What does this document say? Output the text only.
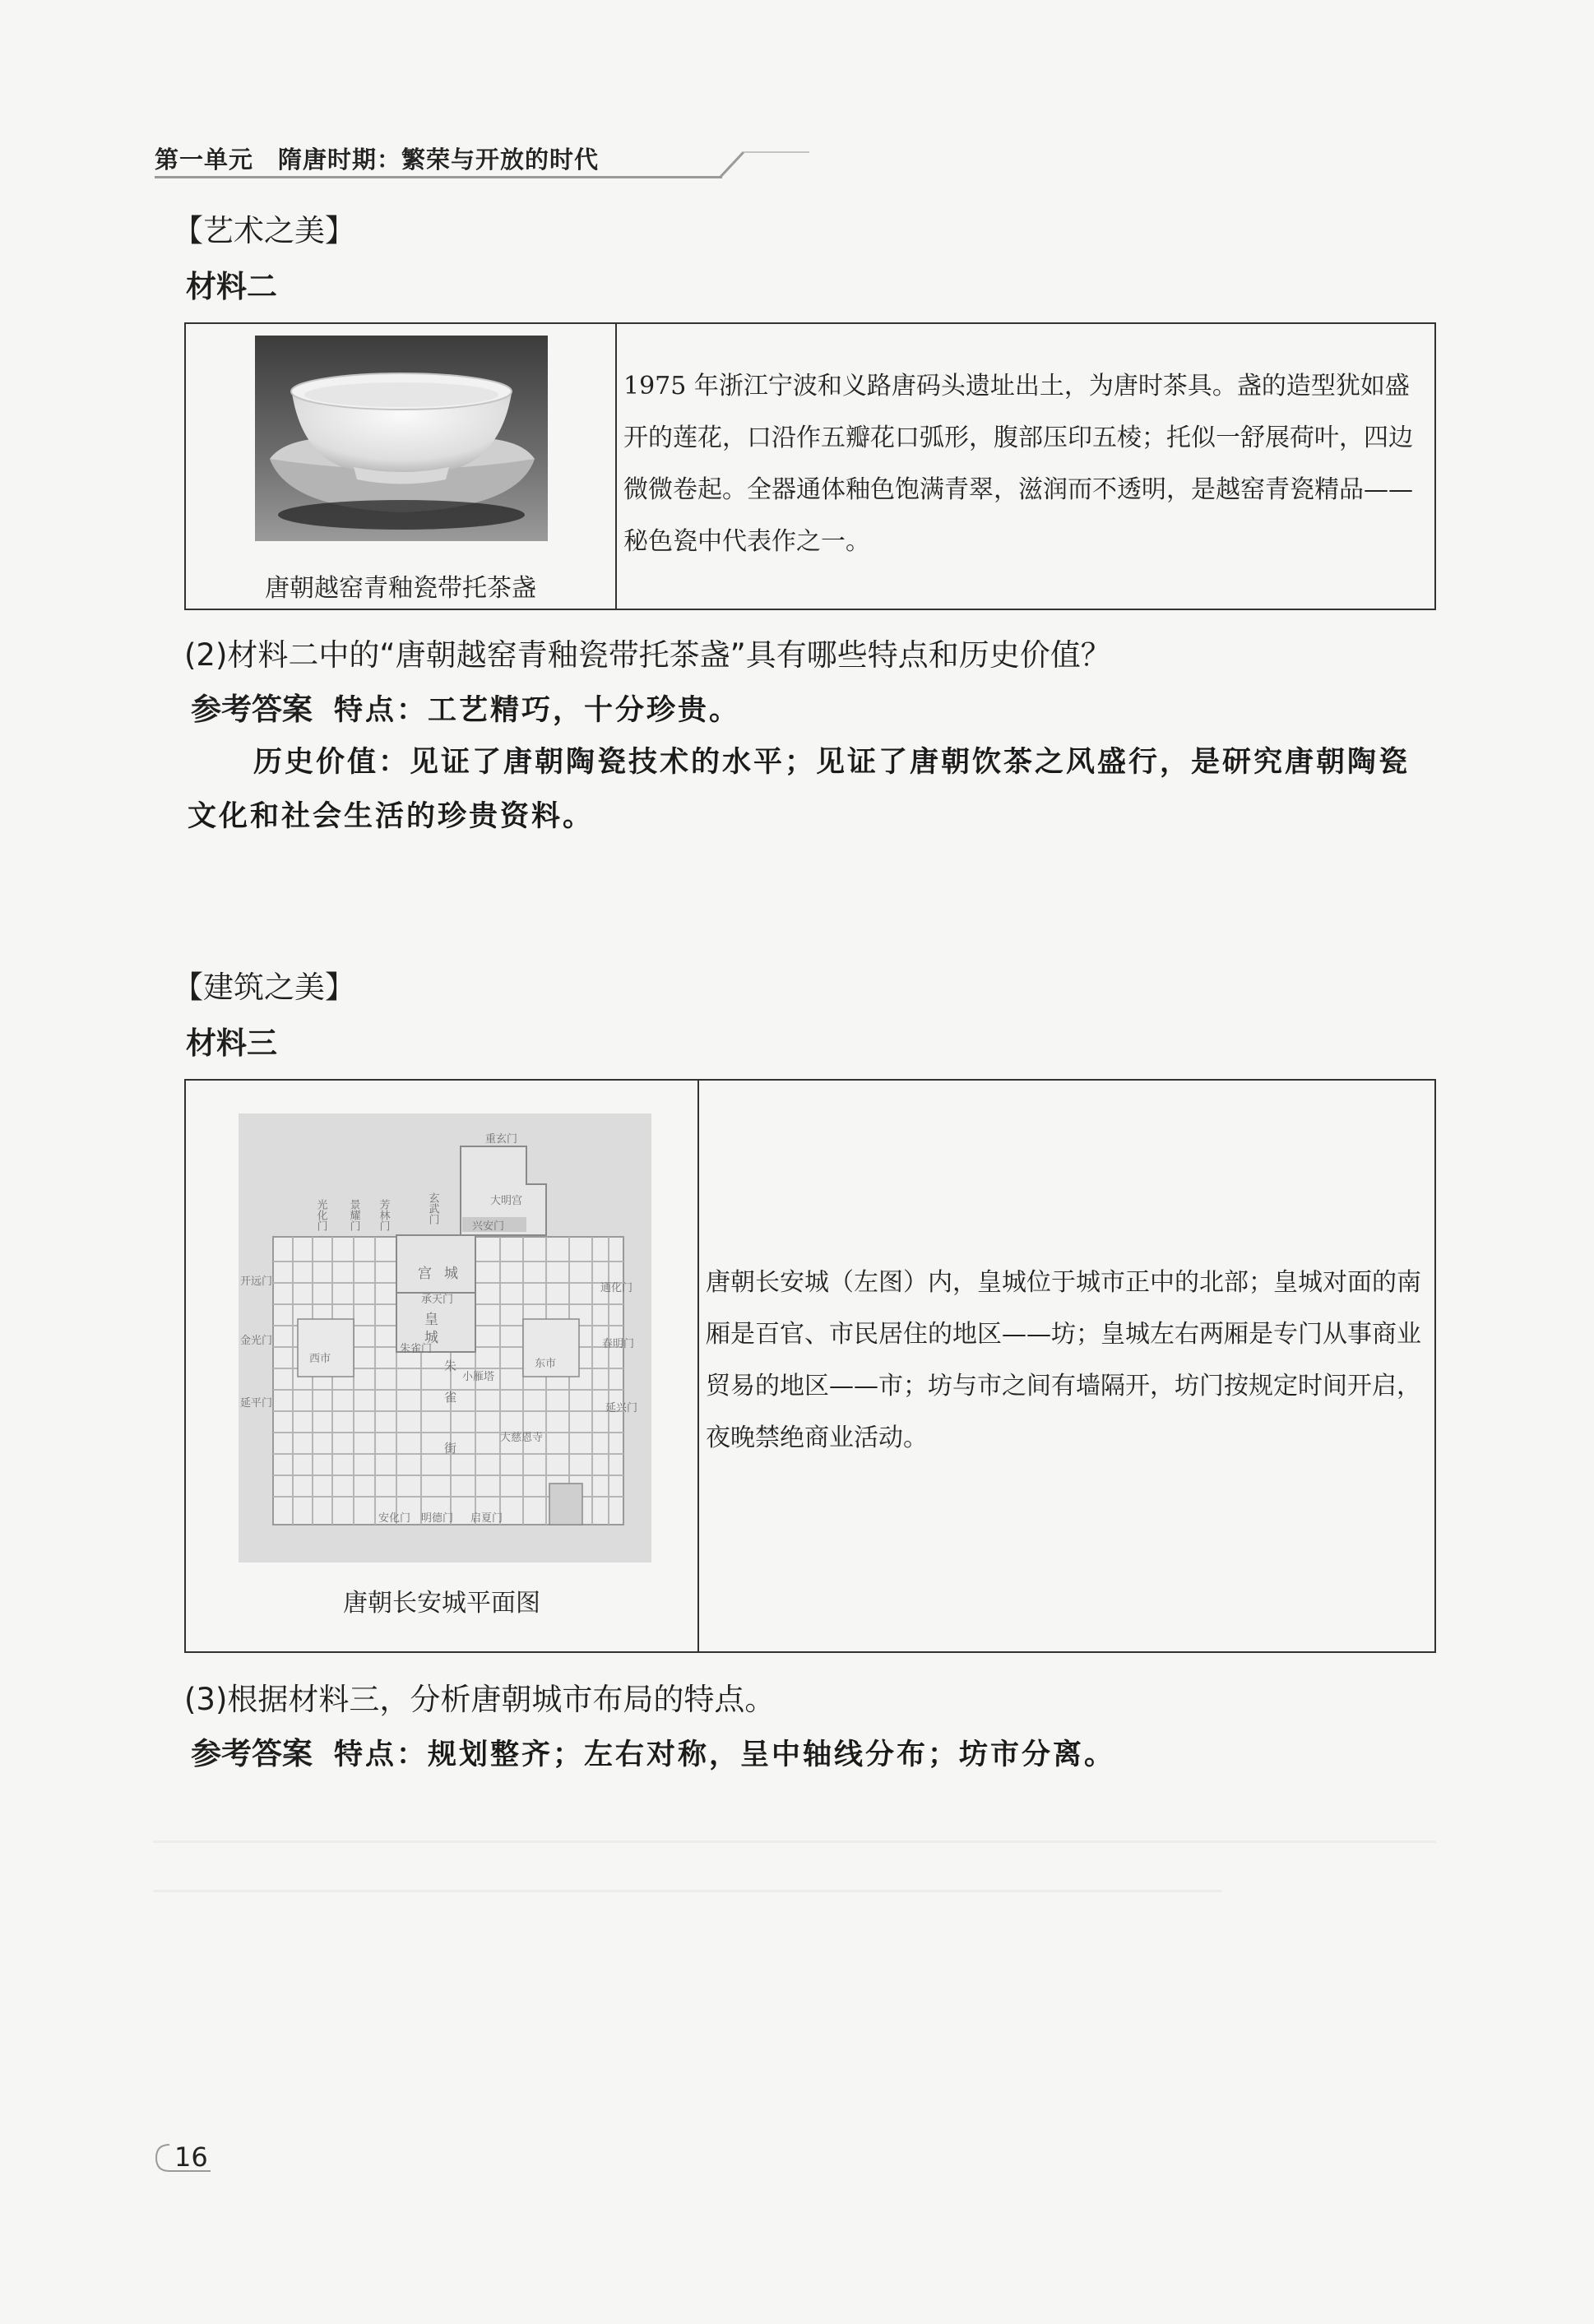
第一单元 隋唐时期：繁荣与开放的时代
【艺术之美】
材料二
唐朝越窑青釉瓷带托茶盏
1975 年浙江宁波和义路唐码头遗址出土，为唐时茶具。盏的造型犹如盛开的莲花，口沿作五瓣花口弧形，腹部压印五棱；托似一舒展荷叶，四边微微卷起。全器通体釉色饱满青翠，滋润而不透明，是越窑青瓷精品——秘色瓷中代表作之一。
(2)材料二中的“唐朝越窑青釉瓷带托茶盏”具有哪些特点和历史价值？
参考答案 特点：工艺精巧，十分珍贵。
历史价值：见证了唐朝陶瓷技术的水平；见证了唐朝饮茶之风盛行，是研究唐朝陶瓷文化和社会生活的珍贵资料。
【建筑之美】
材料三
重玄门
大明宫
兴安门
光化门 景耀门 芳林门	玄武门
宫 城
承天门
皇
城
开远门
通化门
金光门	春明门
西市	东市
朱雀门
小雁塔
朱
雀
街
延平门	延兴门
大慈恩寺
安化门 明德门 启夏门
唐朝长安城平面图
唐朝长安城（左图）内，皇城位于城市正中的北部；皇城对面的南厢是百官、市民居住的地区——坊；皇城左右两厢是专门从事商业贸易的地区——市；坊与市之间有墙隔开，坊门按规定时间开启，夜晚禁绝商业活动。
(3)根据材料三，分析唐朝城市布局的特点。
参考答案 特点：规划整齐；左右对称，呈中轴线分布；坊市分离。
16
